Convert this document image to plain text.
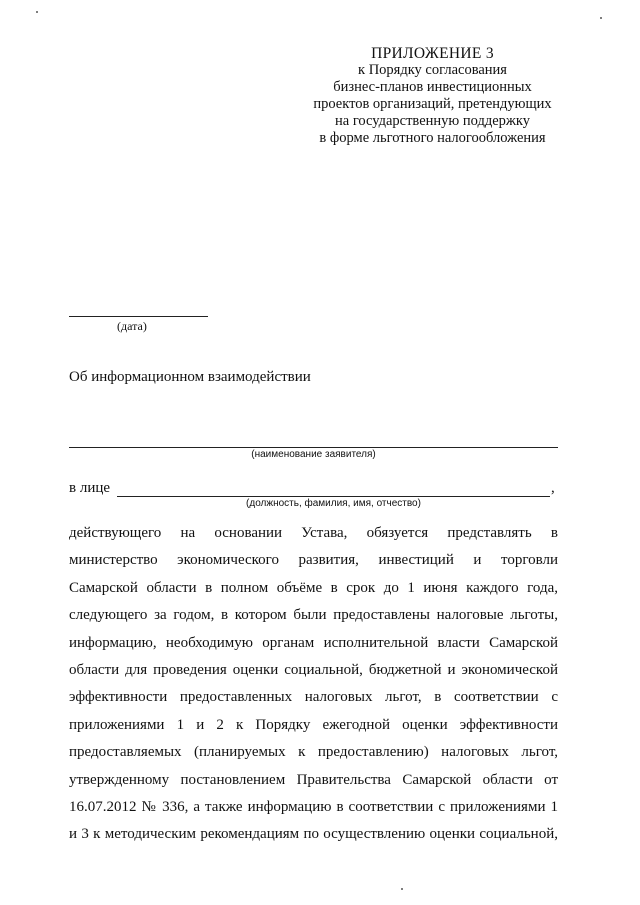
ПРИЛОЖЕНИЕ 3
к Порядку согласования
бизнес-планов инвестиционных
проектов организаций, претендующих
на государственную поддержку
в форме льготного налогообложения
(дата)
Об информационном взаимодействии
(наименование заявителя)
в лице	,
(должность, фамилия, имя, отчество)
действующего на основании Устава, обязуется представлять в
министерство экономического развития, инвестиций и торговли
Самарской области в полном объёме в срок до 1 июня каждого года,
следующего за годом, в котором были предоставлены налоговые льготы,
информацию, необходимую органам исполнительной власти Самарской
области для проведения оценки социальной, бюджетной и экономической
эффективности предоставленных налоговых льгот, в соответствии с
приложениями 1 и 2 к Порядку ежегодной оценки эффективности
предоставляемых (планируемых к предоставлению) налоговых льгот,
утвержденному постановлением Правительства Самарской области от
16.07.2012 № 336, а также информацию в соответствии с приложениями 1
и 3 к методическим рекомендациям по осуществлению оценки социальной,
